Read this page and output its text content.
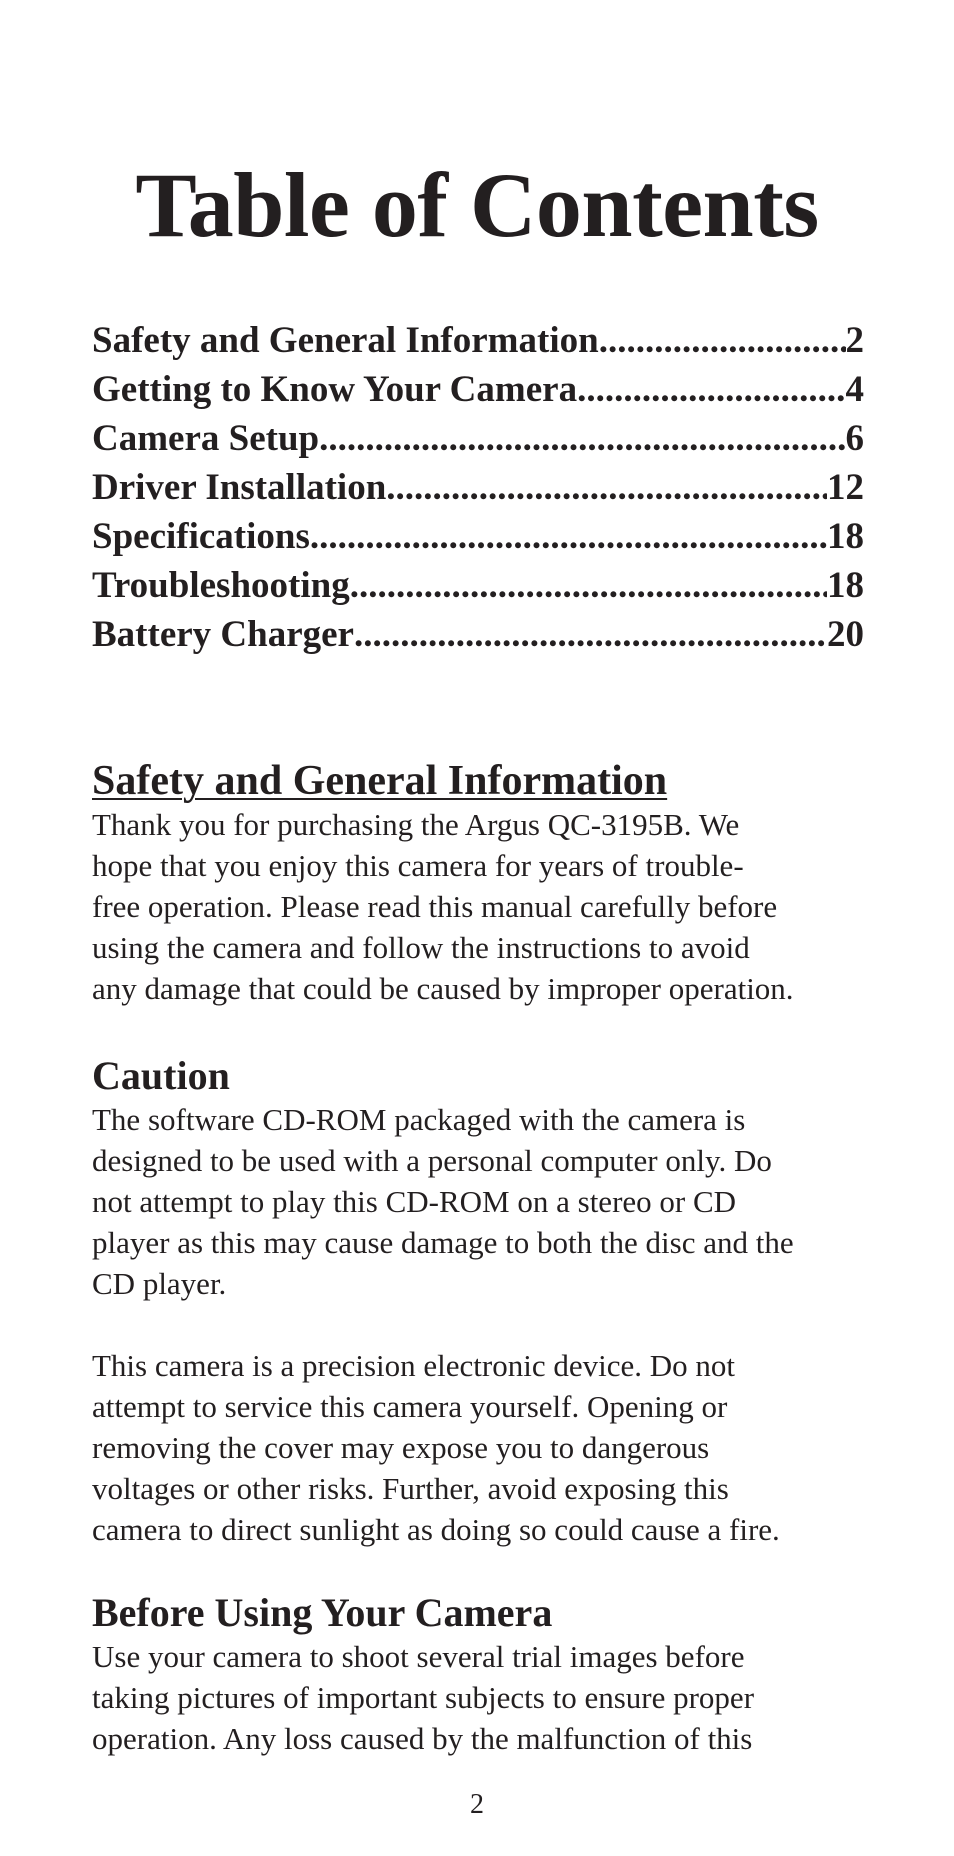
Table of Contents
Safety and General Information .....	2
Getting to Know Your Camera .....	4
Camera Setup .....	6
Driver Installation .....	12
Specifications .....	18
Troubleshooting .....	18
Battery Charger .....	20
Safety and General Information

Thank you for purchasing the Argus QC-3195B. We
hope that you enjoy this camera for years of trouble-
free operation. Please read this manual carefully before
using the camera and follow the instructions to avoid
any damage that could be caused by improper operation.

Caution

The software CD-ROM packaged with the camera is
designed to be used with a personal computer only. Do
not attempt to play this CD-ROM on a stereo or CD
player as this may cause damage to both the disc and the
CD player.

This camera is a precision electronic device. Do not
attempt to service this camera yourself. Opening or
removing the cover may expose you to dangerous
voltages or other risks. Further, avoid exposing this
camera to direct sunlight as doing so could cause a fire.

Before Using Your Camera

Use your camera to shoot several trial images before
taking pictures of important subjects to ensure proper
operation. Any loss caused by the malfunction of this

2
